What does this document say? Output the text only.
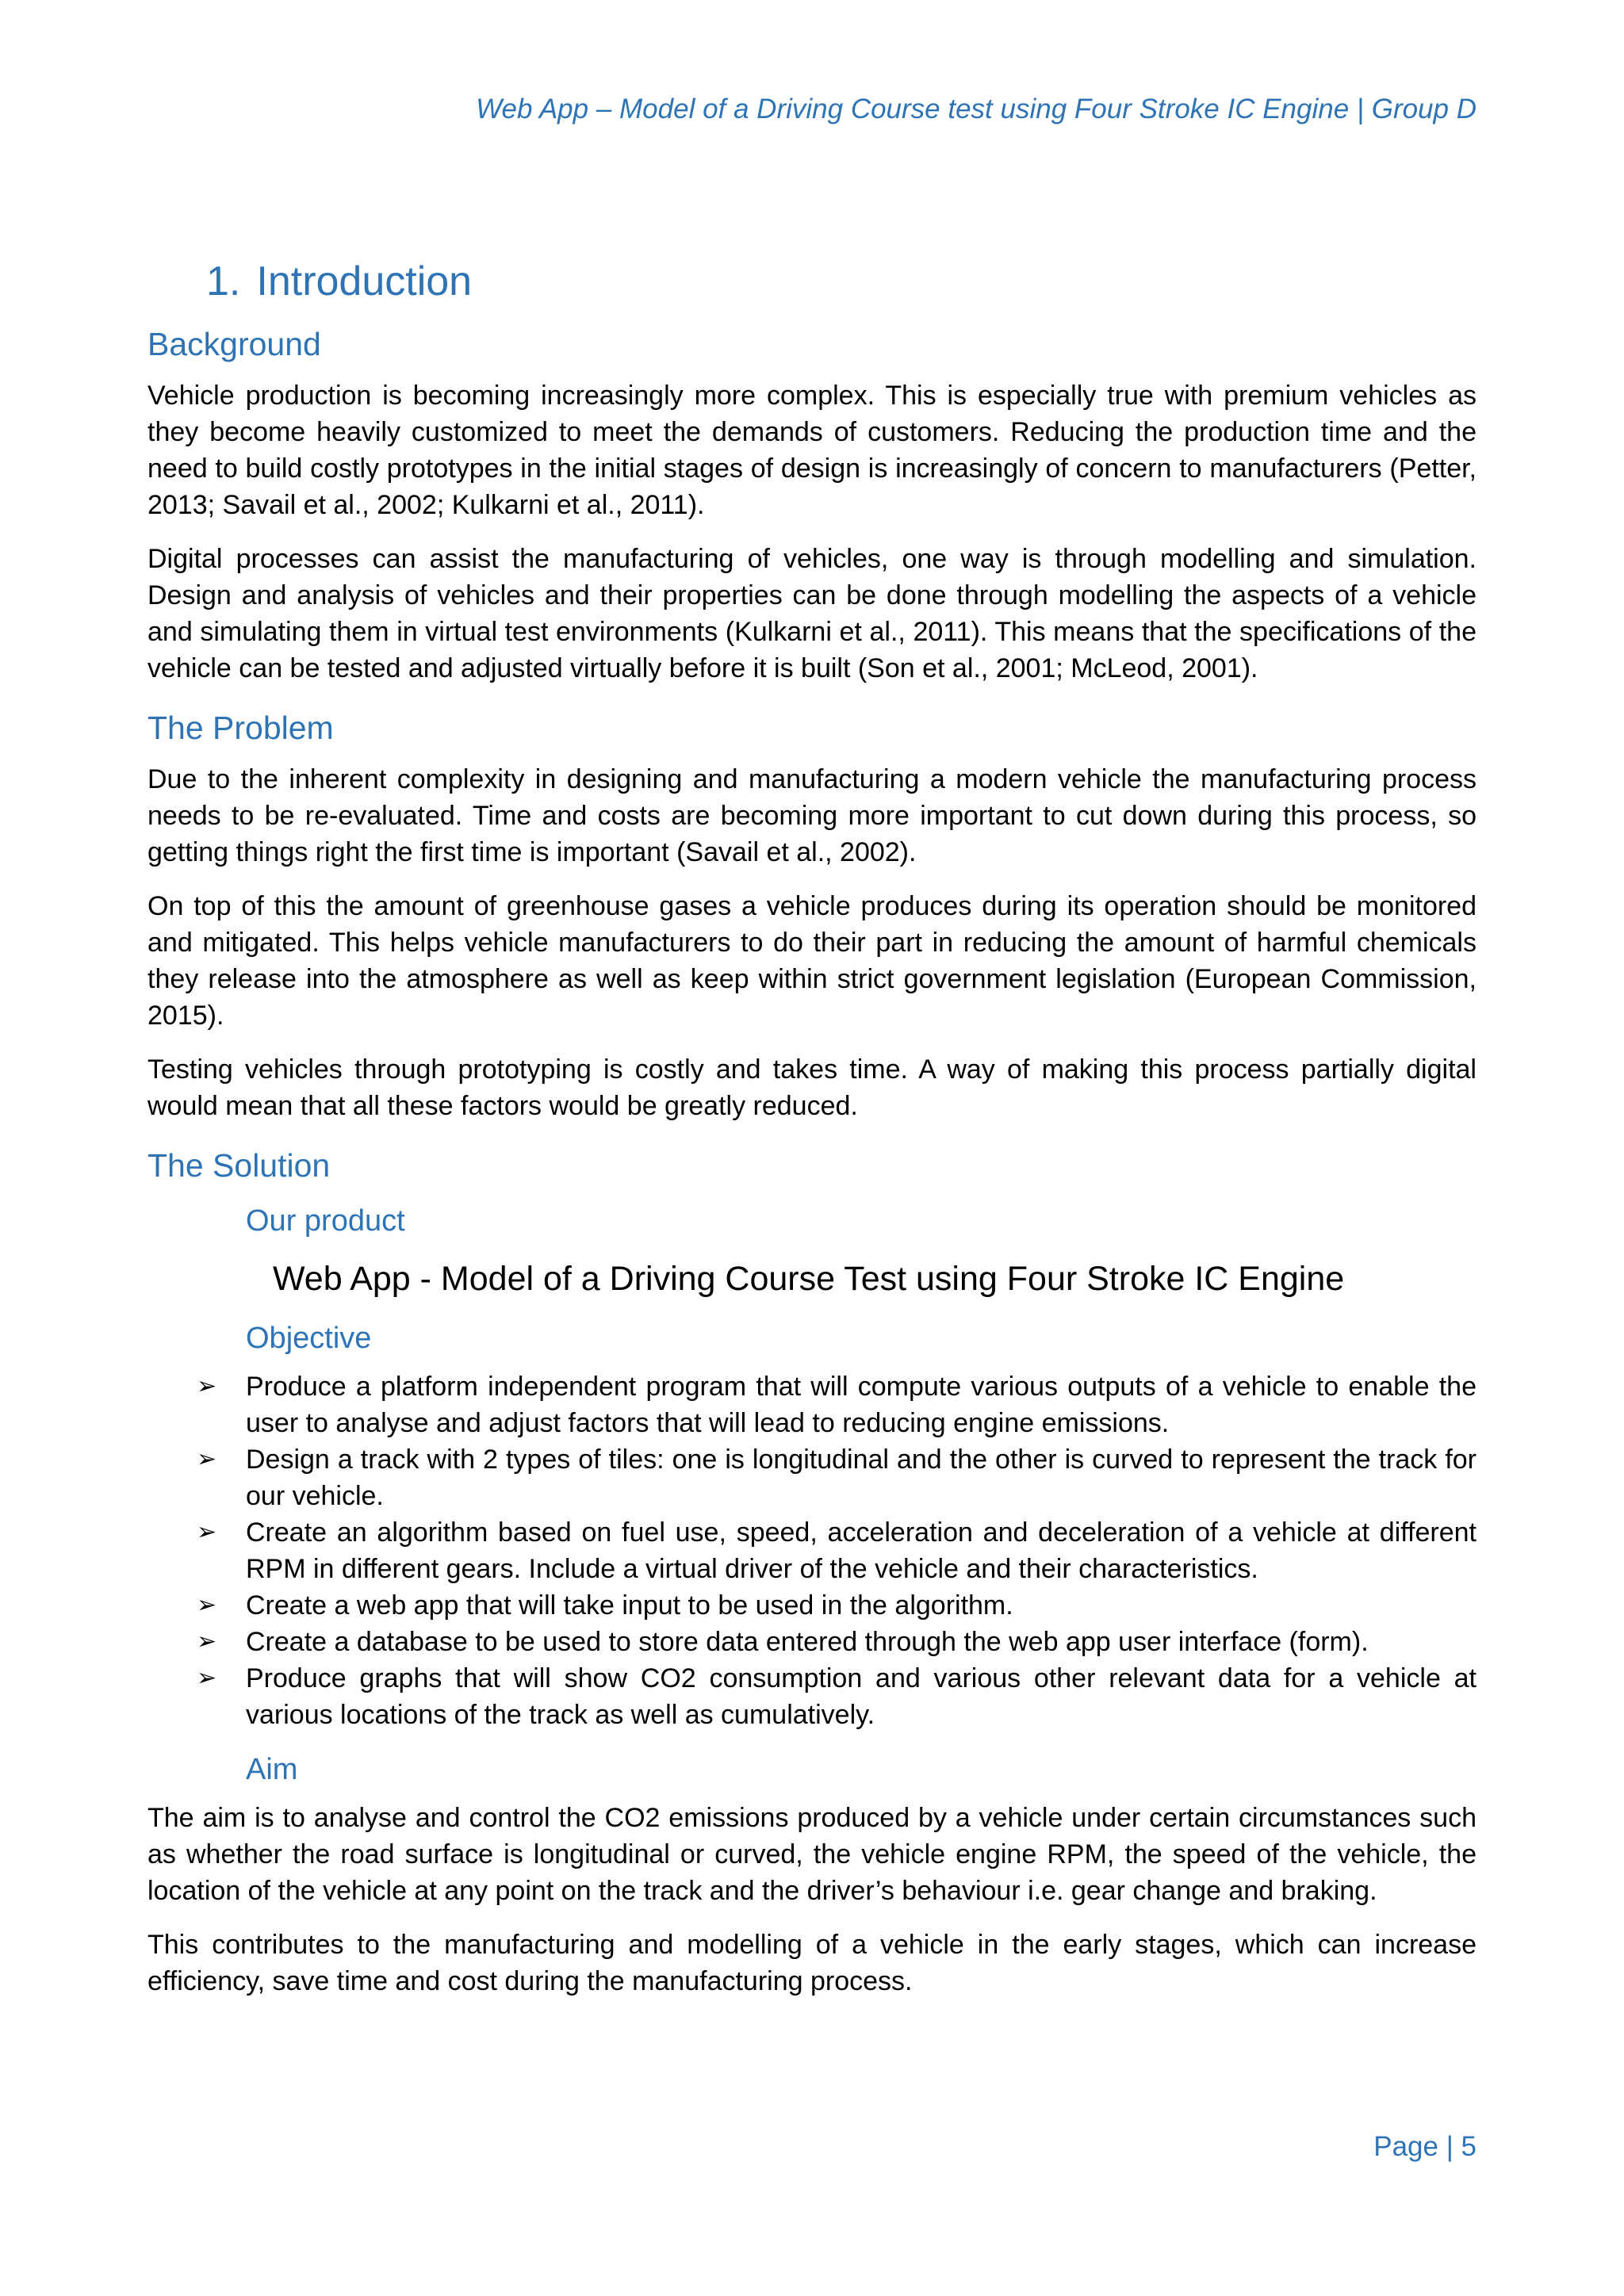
Web App – Model of a Driving Course test using Four Stroke IC Engine | Group D
1. Introduction
Background

Vehicle production is becoming increasingly more complex. This is especially true with premium vehicles as they become heavily customized to meet the demands of customers. Reducing the production time and the need to build costly prototypes in the initial stages of design is increasingly of concern to manufacturers (Petter, 2013; Savail et al., 2002; Kulkarni et al., 2011).

Digital processes can assist the manufacturing of vehicles, one way is through modelling and simulation. Design and analysis of vehicles and their properties can be done through modelling the aspects of a vehicle and simulating them in virtual test environments (Kulkarni et al., 2011). This means that the specifications of the vehicle can be tested and adjusted virtually before it is built (Son et al., 2001; McLeod, 2001).

The Problem

Due to the inherent complexity in designing and manufacturing a modern vehicle the manufacturing process needs to be re-evaluated. Time and costs are becoming more important to cut down during this process, so getting things right the first time is important (Savail et al., 2002).

On top of this the amount of greenhouse gases a vehicle produces during its operation should be monitored and mitigated. This helps vehicle manufacturers to do their part in reducing the amount of harmful chemicals they release into the atmosphere as well as keep within strict government legislation (European Commission, 2015).

Testing vehicles through prototyping is costly and takes time. A way of making this process partially digital would mean that all these factors would be greatly reduced.

The Solution
Our product
Web App - Model of a Driving Course Test using Four Stroke IC Engine
Objective
➢ Produce a platform independent program that will compute various outputs of a vehicle to enable the user to analyse and adjust factors that will lead to reducing engine emissions.
➢ Design a track with 2 types of tiles: one is longitudinal and the other is curved to represent the track for our vehicle.
➢ Create an algorithm based on fuel use, speed, acceleration and deceleration of a vehicle at different RPM in different gears. Include a virtual driver of the vehicle and their characteristics.
➢ Create a web app that will take input to be used in the algorithm.
➢ Create a database to be used to store data entered through the web app user interface (form).
➢ Produce graphs that will show CO2 consumption and various other relevant data for a vehicle at various locations of the track as well as cumulatively.
Aim

The aim is to analyse and control the CO2 emissions produced by a vehicle under certain circumstances such as whether the road surface is longitudinal or curved, the vehicle engine RPM, the speed of the vehicle, the location of the vehicle at any point on the track and the driver’s behaviour i.e. gear change and braking.

This contributes to the manufacturing and modelling of a vehicle in the early stages, which can increase efficiency, save time and cost during the manufacturing process.

Page | 5
